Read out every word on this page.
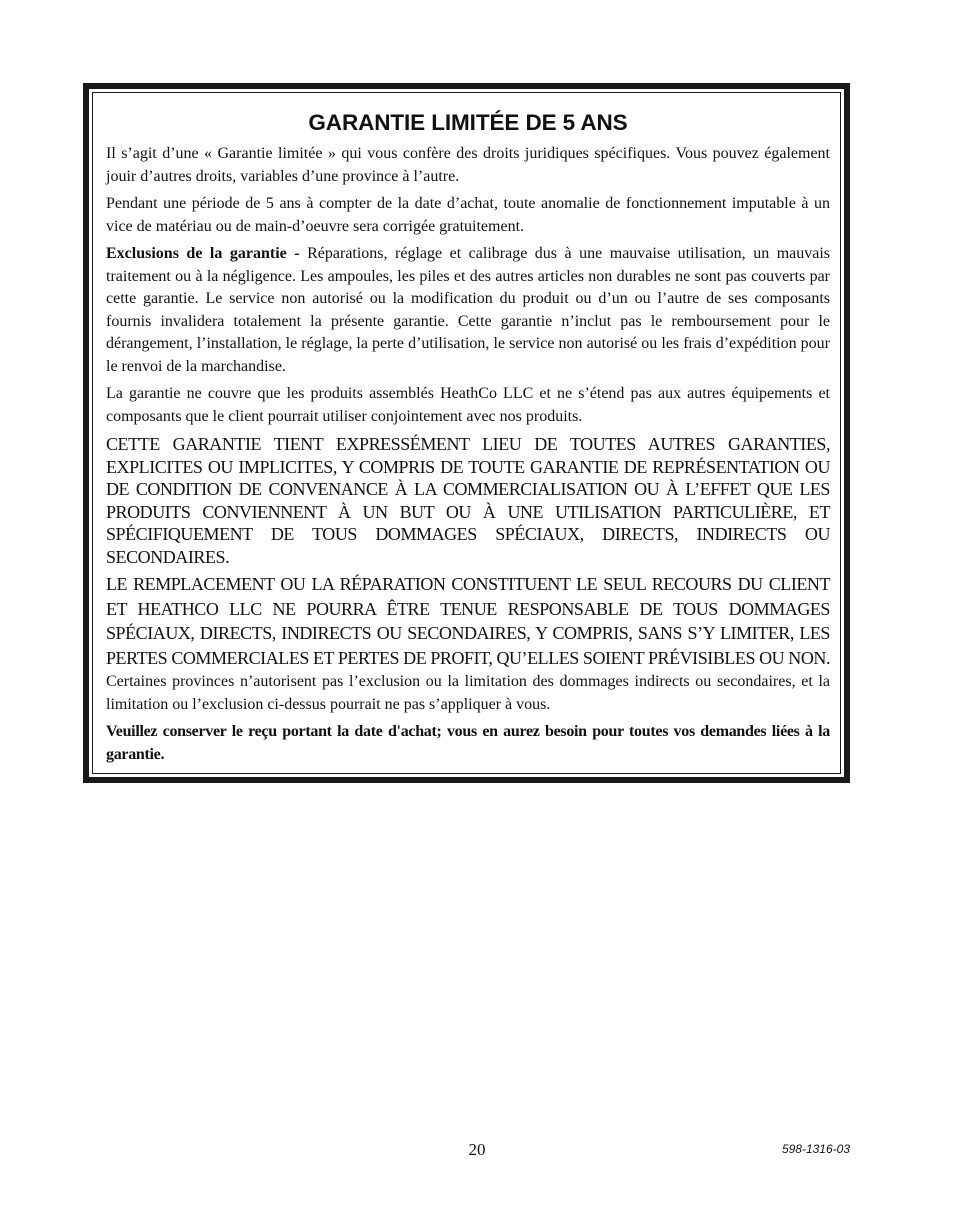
GARANTIE LIMITÉE DE 5 ANS

Il s’agit d’une « Garantie limitée » qui vous confère des droits juridiques spécifiques. Vous pouvez également jouir d’autres droits, variables d’une province à l’autre.

Pendant une période de 5 ans à compter de la date d’achat, toute anomalie de fonctionnement imputable à un vice de matériau ou de main-d’oeuvre sera corrigée gratuitement.

Exclusions de la garantie - Réparations, réglage et calibrage dus à une mauvaise utilisation, un mauvais traitement ou à la négligence. Les ampoules, les piles et des autres articles non durables ne sont pas couverts par cette garantie. Le service non autorisé ou la modification du produit ou d’un ou l’autre de ses composants fournis invalidera totalement la présente garantie. Cette garantie n’inclut pas le remboursement pour le dérangement, l’installation, le réglage, la perte d’utilisation, le service non autorisé ou les frais d’expédition pour le renvoi de la marchandise.

La garantie ne couvre que les produits assemblés HeathCo LLC et ne s’étend pas aux autres équipements et composants que le client pourrait utiliser conjointement avec nos produits.

CETTE GARANTIE TIENT EXPRESSÉMENT LIEU DE TOUTES AUTRES GARANTIES, EXPLICITES OU IMPLICITES, Y COMPRIS DE TOUTE GARANTIE DE REPRÉSENTATION OU DE CONDITION DE CONVENANCE À LA COMMERCIALISATION OU À L’EFFET QUE LES PRODUITS CONVIENNENT À UN BUT OU À UNE UTILISATION PARTICULIÈRE, ET SPÉCIFIQUEMENT DE TOUS DOMMAGES SPÉCIAUX, DIRECTS, INDIRECTS OU SECONDAIRES.

LE REMPLACEMENT OU LA RÉPARATION CONSTITUENT LE SEUL RECOURS DU CLIENT ET HEATHCO LLC NE POURRA ÊTRE TENUE RESPONSABLE DE TOUS DOMMAGES SPÉCIAUX, DIRECTS, INDIRECTS OU SECONDAIRES, Y COMPRIS, SANS S’Y LIMITER, LES PERTES COMMERCIALES ET PERTES DE PROFIT, QU’ELLES SOIENT PRÉVISIBLES OU NON. Certaines provinces n’autorisent pas l’exclusion ou la limitation des dommages indirects ou secondaires, et la limitation ou l’exclusion ci-dessus pourrait ne pas s’appliquer à vous.

Veuillez conserver le reçu portant la date d'achat; vous en aurez besoin pour toutes vos demandes liées à la garantie.

20	598-1316-03
